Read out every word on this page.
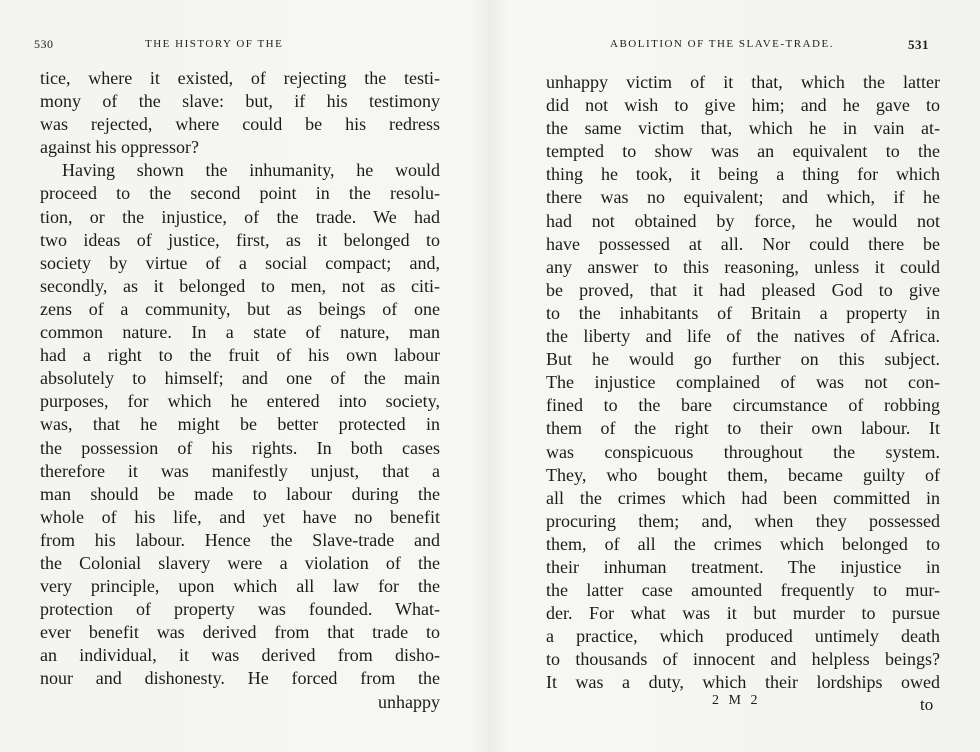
530	THE HISTORY OF THE
tice, where it existed, of rejecting the testi-
mony of the slave: but, if his testimony
was rejected, where could be his redress
against his oppressor?
Having shown the inhumanity, he would
proceed to the second point in the resolu-
tion, or the injustice, of the trade. We had
two ideas of justice, first, as it belonged to
society by virtue of a social compact; and,
secondly, as it belonged to men, not as citi-
zens of a community, but as beings of one
common nature. In a state of nature, man
had a right to the fruit of his own labour
absolutely to himself; and one of the main
purposes, for which he entered into society,
was, that he might be better protected in
the possession of his rights. In both cases
therefore it was manifestly unjust, that a
man should be made to labour during the
whole of his life, and yet have no benefit
from his labour. Hence the Slave-trade and
the Colonial slavery were a violation of the
very principle, upon which all law for the
protection of property was founded. What-
ever benefit was derived from that trade to
an individual, it was derived from disho-
nour and dishonesty. He forced from the
unhappy
ABOLITION OF THE SLAVE-TRADE.	531
unhappy victim of it that, which the latter
did not wish to give him; and he gave to
the same victim that, which he in vain at-
tempted to show was an equivalent to the
thing he took, it being a thing for which
there was no equivalent; and which, if he
had not obtained by force, he would not
have possessed at all. Nor could there be
any answer to this reasoning, unless it could
be proved, that it had pleased God to give
to the inhabitants of Britain a property in
the liberty and life of the natives of Africa.
But he would go further on this subject.
The injustice complained of was not con-
fined to the bare circumstance of robbing
them of the right to their own labour. It
was conspicuous throughout the system.
They, who bought them, became guilty of
all the crimes which had been committed in
procuring them; and, when they possessed
them, of all the crimes which belonged to
their inhuman treatment. The injustice in
the latter case amounted frequently to mur-
der. For what was it but murder to pursue
a practice, which produced untimely death
to thousands of innocent and helpless beings?
It was a duty, which their lordships owed
2 M 2	to
